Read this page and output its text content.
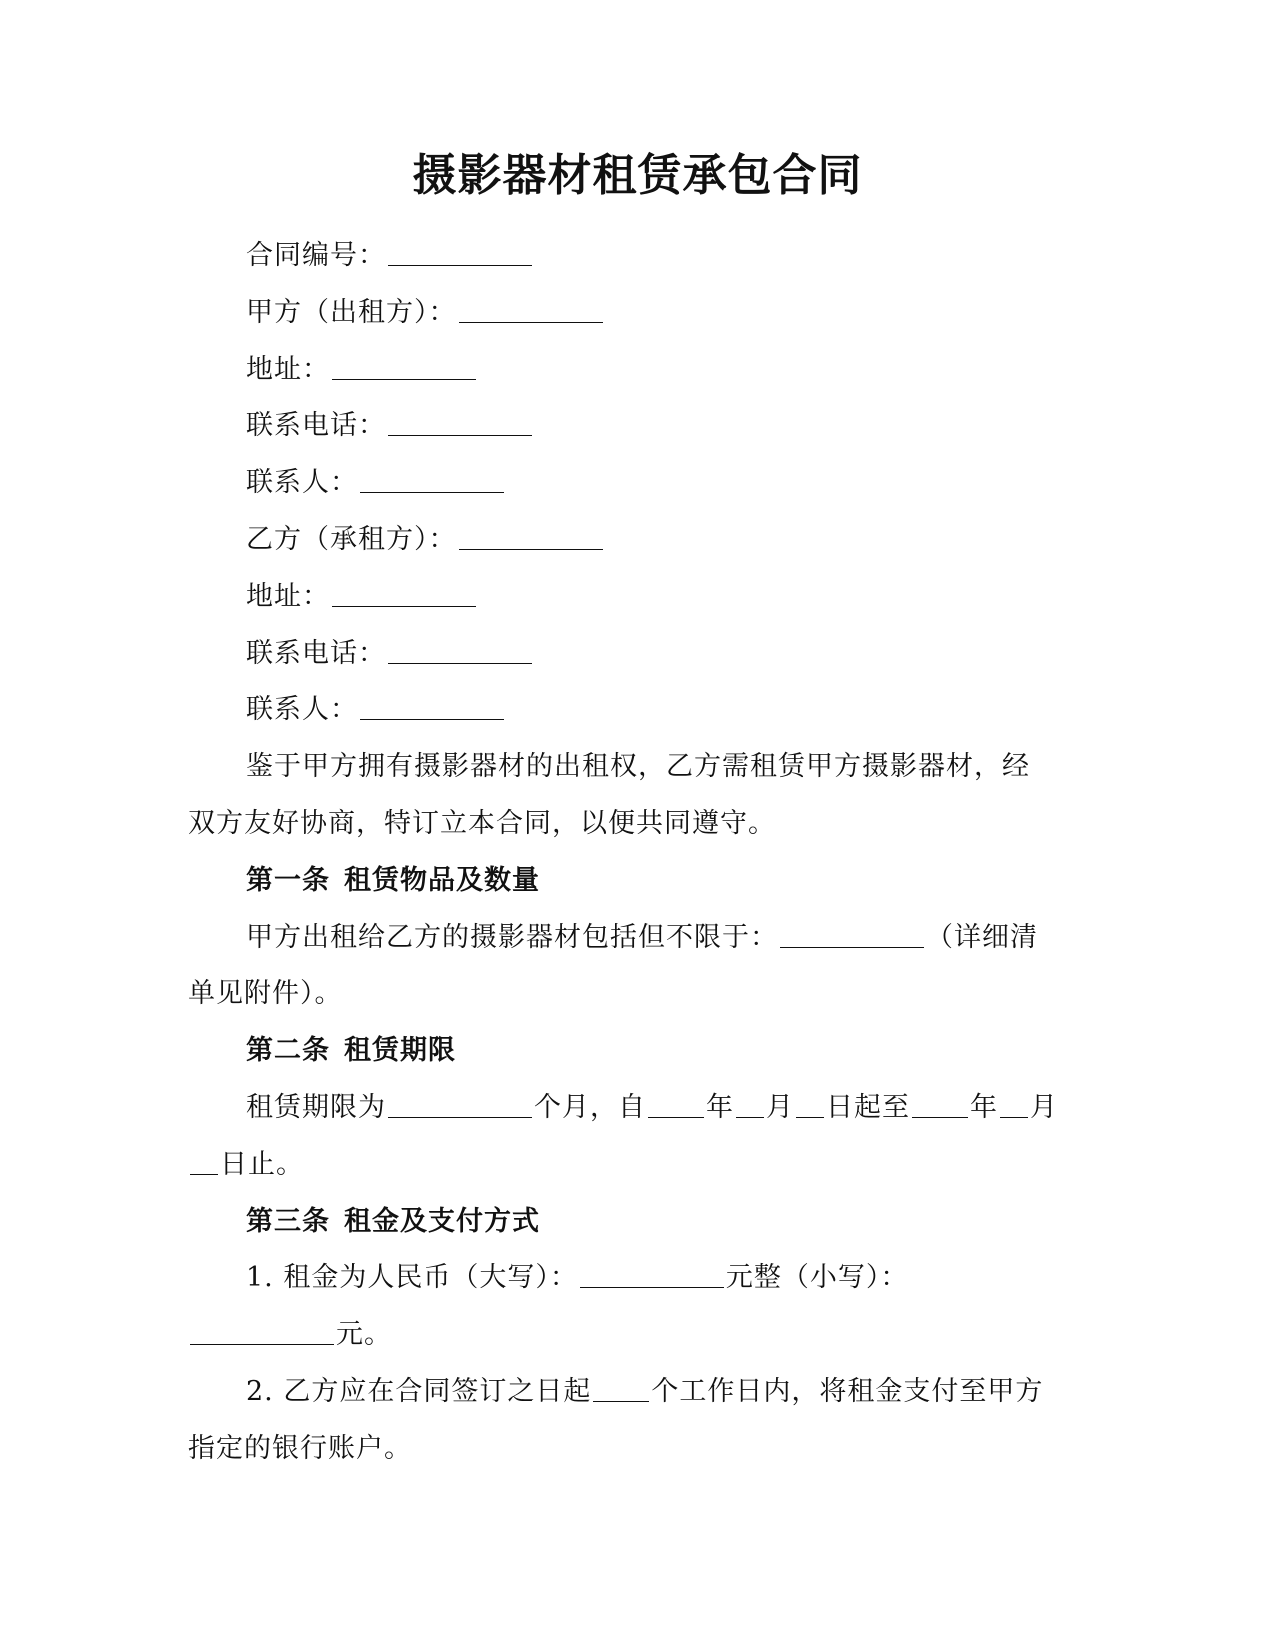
摄影器材租赁承包合同
合同编号：
甲方（出租方）：
地址：
联系电话：
联系人：
乙方（承租方）：
地址：
联系电话：
联系人：
鉴于甲方拥有摄影器材的出租权，乙方需租赁甲方摄影器材，经
双方友好协商，特订立本合同，以便共同遵守。
第一条 租赁物品及数量
甲方出租给乙方的摄影器材包括但不限于：	（详细清
单见附件）。
第二条 租赁期限
租赁期限为	个月，自 年 月 日起至 年 月
日止。
第三条 租金及支付方式
1. 租金为人民币（大写）：	元整（小写）：
元。
2. 乙方应在合同签订之日起 个工作日内，将租金支付至甲方
指定的银行账户。
